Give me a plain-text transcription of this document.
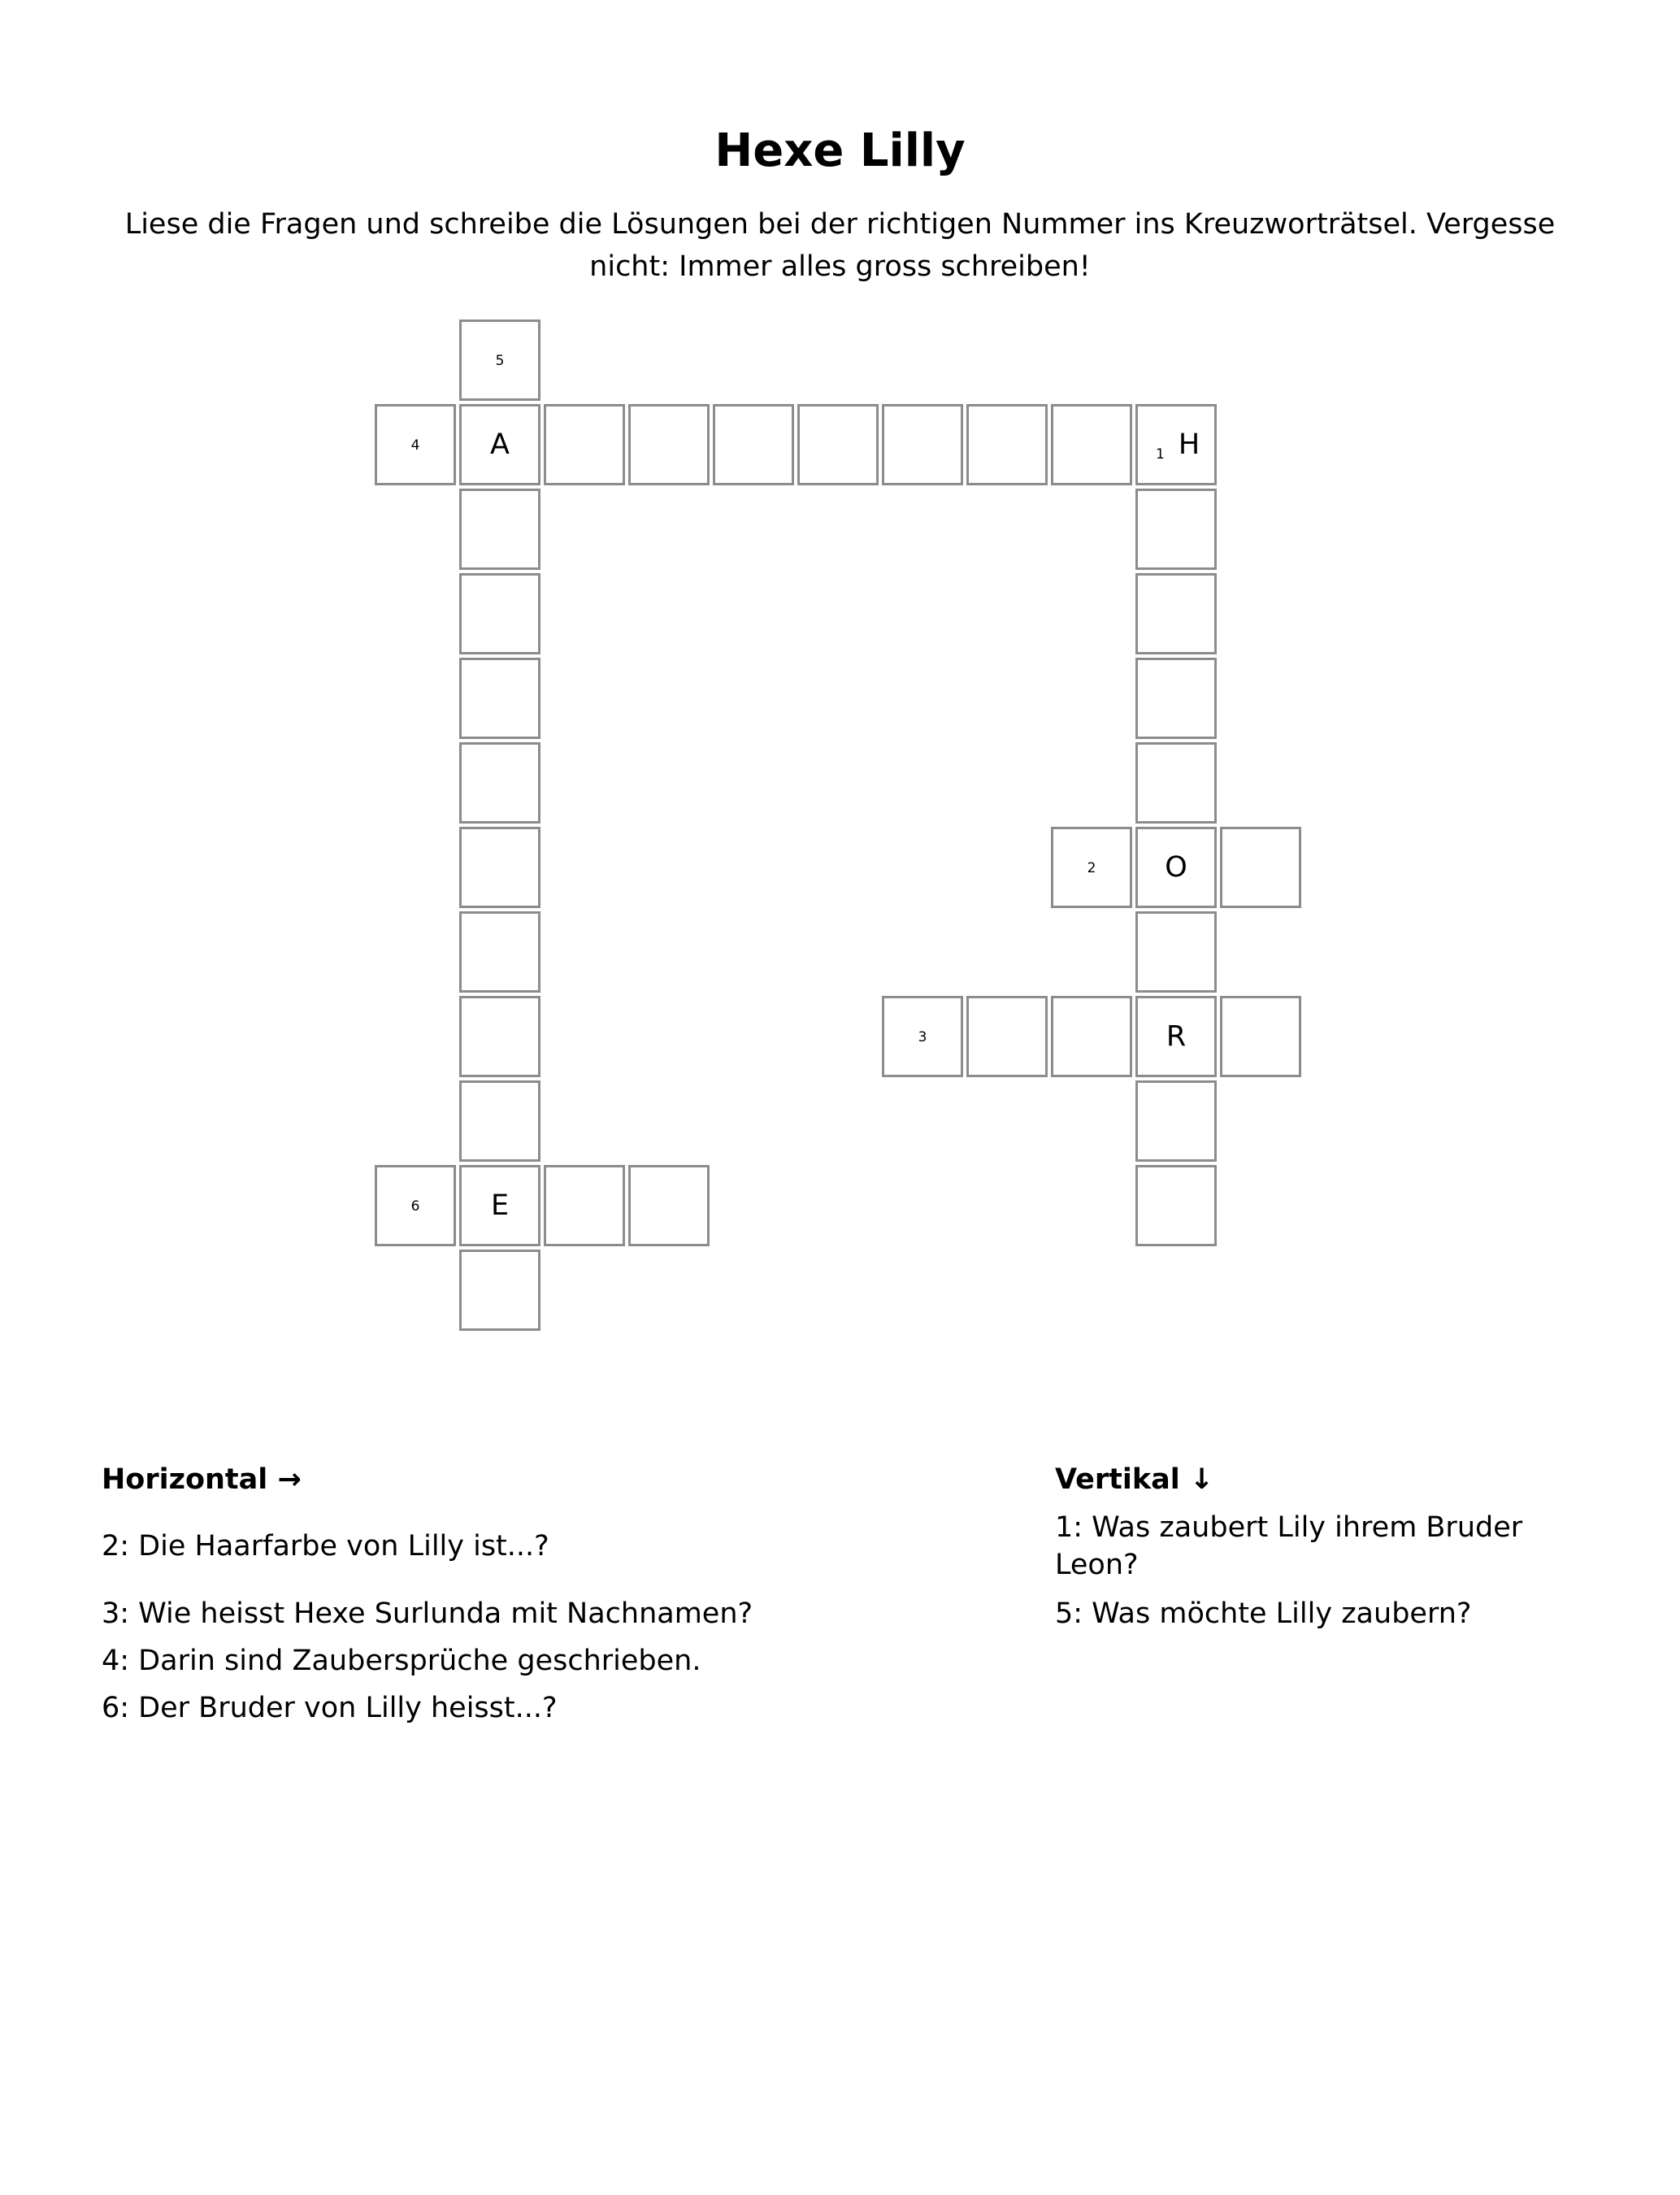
Hexe Lilly

Liese die Fragen und schreibe die Lösungen bei der richtigen Nummer ins Kreuzworträtsel. Vergesse nicht: Immer alles gross schreiben!

5
A
E
4
1 H
O
R
2
3
6
Horizontal →

2: Die Haarfarbe von Lilly ist...?

3: Wie heisst Hexe Surlunda mit Nachnamen?

4: Darin sind Zaubersprüche geschrieben.

6: Der Bruder von Lilly heisst...?

Vertikal ↓

1: Was zaubert Lily ihrem Bruder Leon?

5: Was möchte Lilly zaubern?
